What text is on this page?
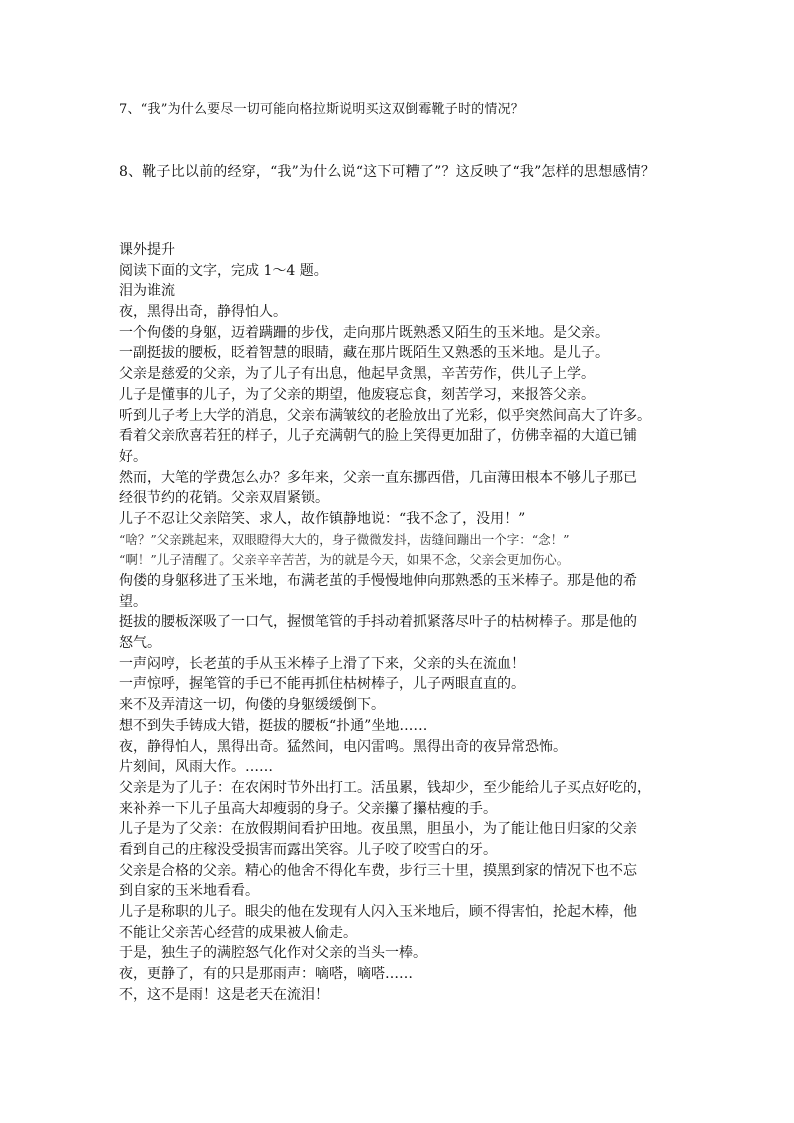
7、“我”为什么要尽一切可能向格拉斯说明买这双倒霉靴子时的情况？
8、靴子比以前的经穿，“我”为什么说“这下可糟了”？这反映了“我”怎样的思想感情？
课外提升
阅读下面的文字，完成 1～4 题。
泪为谁流
夜，黑得出奇，静得怕人。
一个佝偻的身躯，迈着蹒跚的步伐，走向那片既熟悉又陌生的玉米地。是父亲。
一副挺拔的腰板，眨着智慧的眼睛，藏在那片既陌生又熟悉的玉米地。是儿子。
父亲是慈爱的父亲，为了儿子有出息，他起早贪黑，辛苦劳作，供儿子上学。
儿子是懂事的儿子，为了父亲的期望，他废寝忘食，刻苦学习，来报答父亲。
听到儿子考上大学的消息，父亲布满皱纹的老脸放出了光彩，似乎突然间高大了许多。
看着父亲欣喜若狂的样子，儿子充满朝气的脸上笑得更加甜了，仿佛幸福的大道已铺
好。
然而，大笔的学费怎么办？多年来，父亲一直东挪西借，几亩薄田根本不够儿子那已
经很节约的花销。父亲双眉紧锁。
儿子不忍让父亲陪笑、求人，故作镇静地说：“我不念了，没用！”
“啥？”父亲跳起来，双眼瞪得大大的，身子微微发抖，齿缝间蹦出一个字：“念！”
“啊！”儿子清醒了。父亲辛辛苦苦，为的就是今天，如果不念，父亲会更加伤心。
佝偻的身躯移进了玉米地，布满老茧的手慢慢地伸向那熟悉的玉米棒子。那是他的希
望。
挺拔的腰板深吸了一口气，握惯笔管的手抖动着抓紧落尽叶子的枯树棒子。那是他的
怒气。
一声闷哼，长老茧的手从玉米棒子上滑了下来，父亲的头在流血！
一声惊呼，握笔管的手已不能再抓住枯树棒子，儿子两眼直直的。
来不及弄清这一切，佝偻的身躯缓缓倒下。
想不到失手铸成大错，挺拔的腰板“扑通”坐地……
夜，静得怕人，黑得出奇。猛然间，电闪雷鸣。黑得出奇的夜异常恐怖。
片刻间，风雨大作。……
父亲是为了儿子：在农闲时节外出打工。活虽累，钱却少，至少能给儿子买点好吃的，
来补养一下儿子虽高大却瘦弱的身子。父亲攥了攥枯瘦的手。
儿子是为了父亲：在放假期间看护田地。夜虽黑，胆虽小，为了能让他日归家的父亲
看到自己的庄稼没受损害而露出笑容。儿子咬了咬雪白的牙。
父亲是合格的父亲。精心的他舍不得化车费，步行三十里，摸黑到家的情况下也不忘
到自家的玉米地看看。
儿子是称职的儿子。眼尖的他在发现有人闪入玉米地后，顾不得害怕，抡起木棒，他
不能让父亲苦心经营的成果被人偷走。
于是，独生子的满腔怒气化作对父亲的当头一棒。
夜，更静了，有的只是那雨声：嘀嗒，嘀嗒……
不，这不是雨！这是老天在流泪！
